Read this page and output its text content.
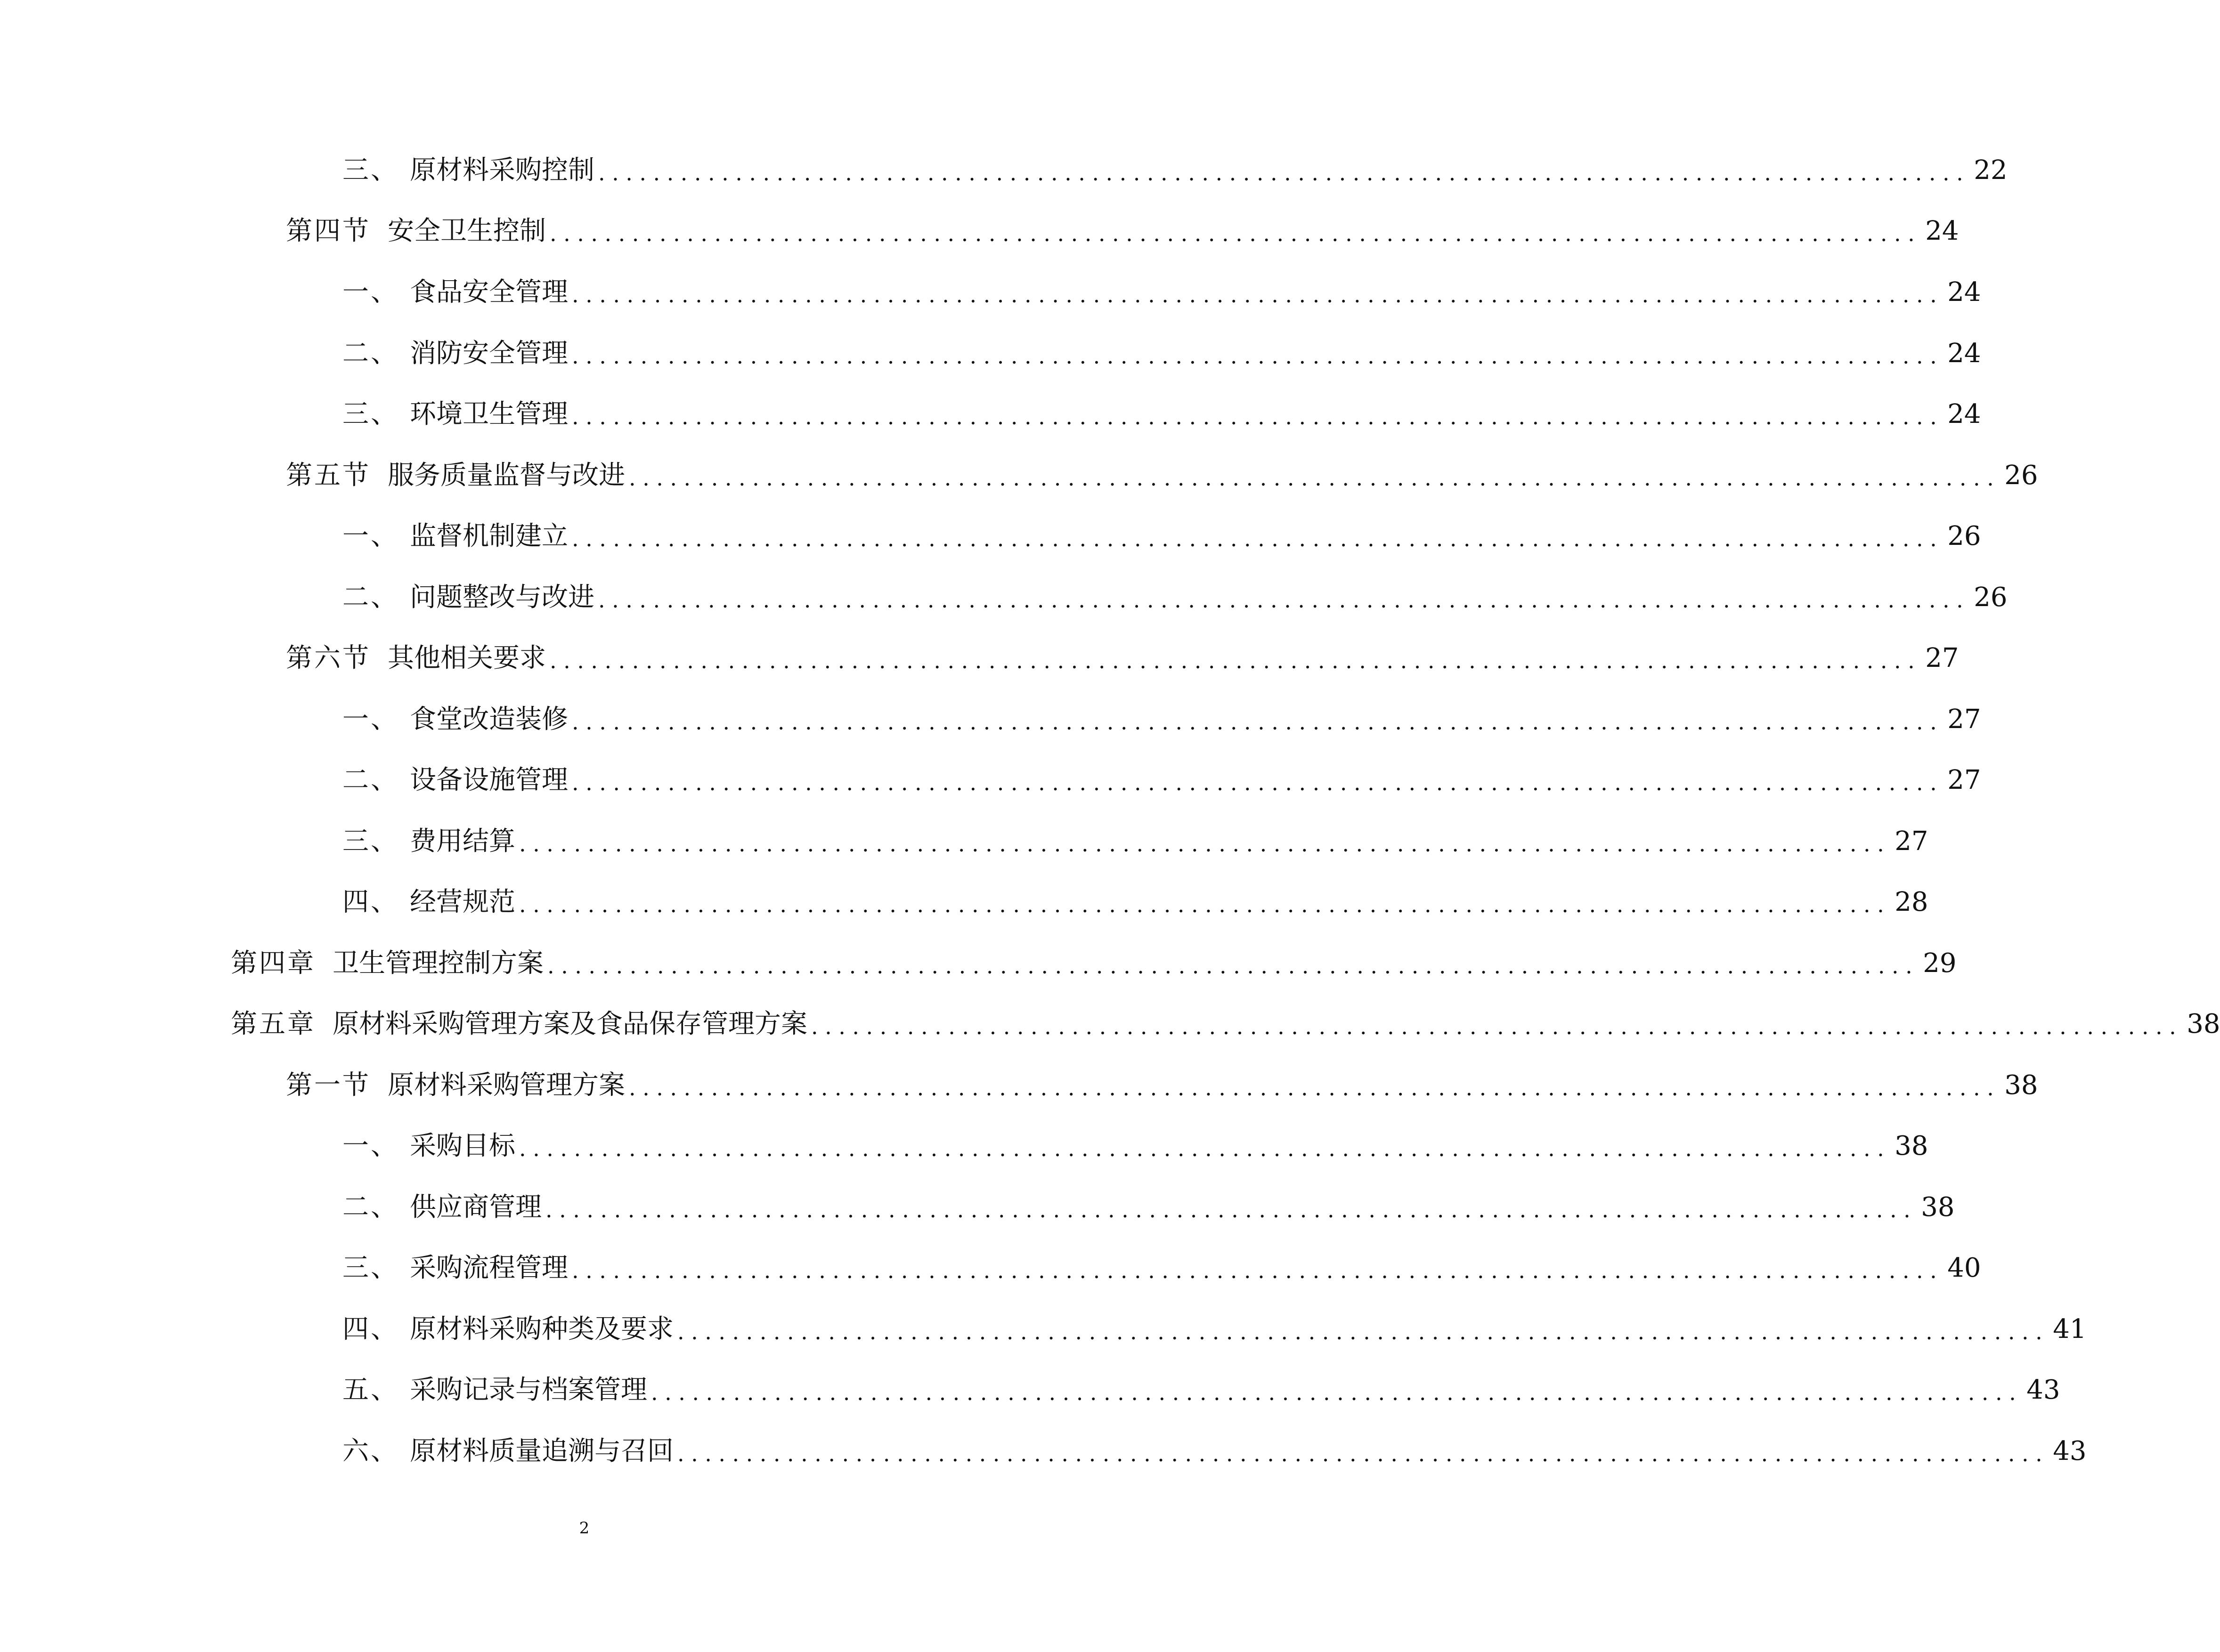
三、 原材料采购控制 .................................................................................................... 22
第四节 安全卫生控制 .................................................................................................... 24
一、 食品安全管理 .................................................................................................... 24
二、 消防安全管理 .................................................................................................... 24
三、 环境卫生管理 .................................................................................................... 24
第五节 服务质量监督与改进 .................................................................................................... 26
一、 监督机制建立 .................................................................................................... 26
二、 问题整改与改进 .................................................................................................... 26
第六节 其他相关要求 .................................................................................................... 27
一、 食堂改造装修 .................................................................................................... 27
二、 设备设施管理 .................................................................................................... 27
三、 费用结算 .................................................................................................... 27
四、 经营规范 .................................................................................................... 28
第四章 卫生管理控制方案 .................................................................................................... 29
第五章 原材料采购管理方案及食品保存管理方案 .................................................................................................... 38
第一节 原材料采购管理方案 .................................................................................................... 38
一、 采购目标 .................................................................................................... 38
二、 供应商管理 .................................................................................................... 38
三、 采购流程管理 .................................................................................................... 40
四、 原材料采购种类及要求 .................................................................................................... 41
五、 采购记录与档案管理 .................................................................................................... 43
六、 原材料质量追溯与召回 .................................................................................................... 43
2
